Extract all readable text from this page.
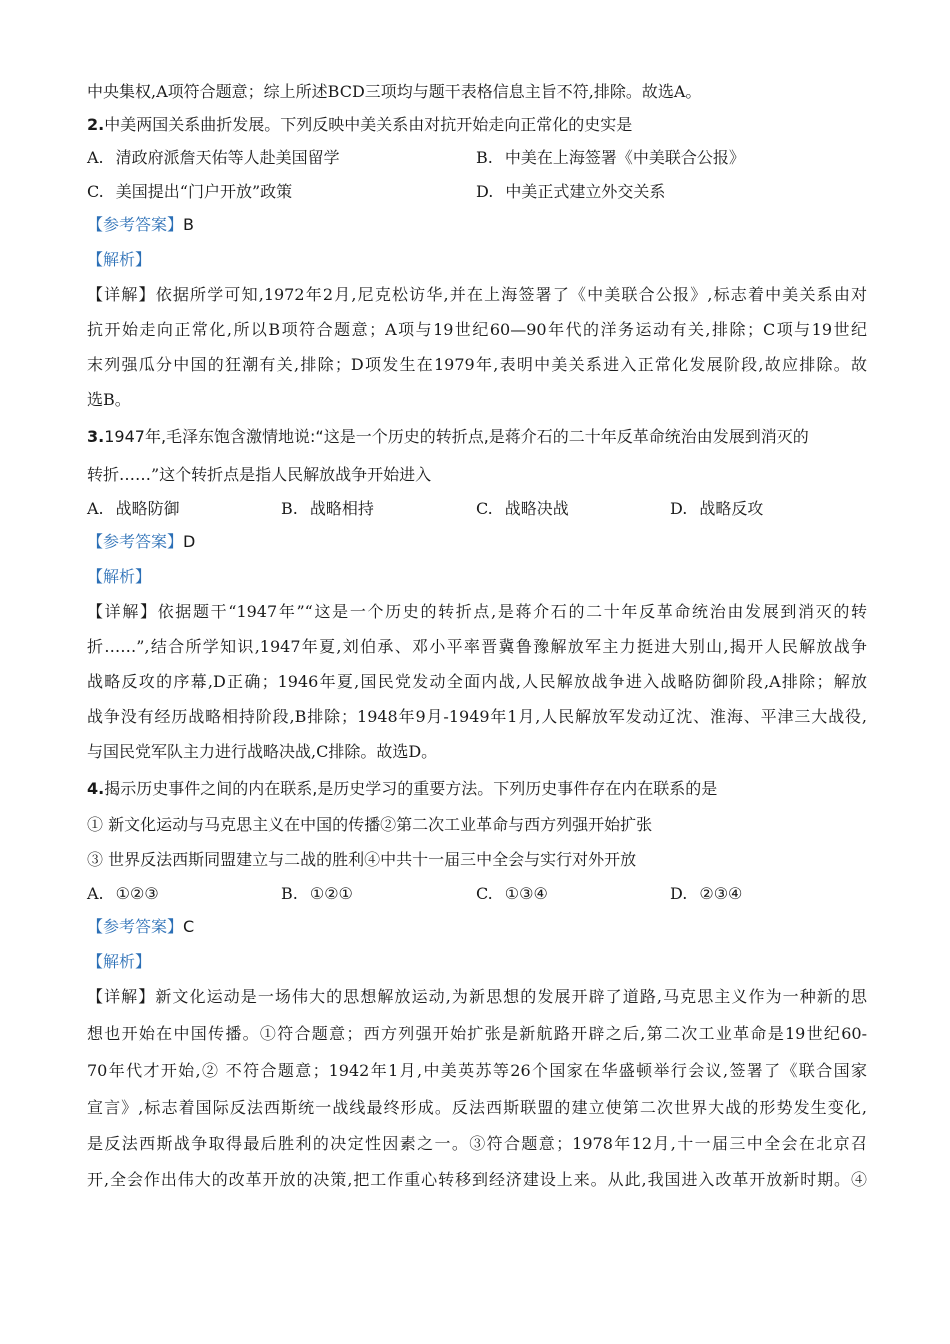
中央集权,A项符合题意；综上所述BCD三项均与题干表格信息主旨不符,排除。故选A。
2.中美两国关系曲折发展。下列反映中美关系由对抗开始走向正常化的史实是
A. 清政府派詹天佑等人赴美国留学	B. 中美在上海签署《中美联合公报》
C. 美国提出“门户开放”政策	D. 中美正式建立外交关系
【参考答案】B
【解析】
【详解】依据所学可知,1972年2月,尼克松访华,并在上海签署了《中美联合公报》,标志着中美关系由对
抗开始走向正常化,所以B项符合题意；A项与19世纪60—90年代的洋务运动有关,排除；C项与19世纪
末列强瓜分中国的狂潮有关,排除；D项发生在1979年,表明中美关系进入正常化发展阶段,故应排除。故
选B。
3.1947年,毛泽东饱含激情地说:“这是一个历史的转折点,是蒋介石的二十年反革命统治由发展到消灭的
转折……”这个转折点是指人民解放战争开始进入
A. 战略防御	B. 战略相持	C. 战略决战	D. 战略反攻
【参考答案】D
【解析】
【详解】依据题干“1947年”“这是一个历史的转折点,是蒋介石的二十年反革命统治由发展到消灭的转
折……”,结合所学知识,1947年夏,刘伯承、邓小平率晋冀鲁豫解放军主力挺进大别山,揭开人民解放战争
战略反攻的序幕,D正确；1946年夏,国民党发动全面内战,人民解放战争进入战略防御阶段,A排除；解放
战争没有经历战略相持阶段,B排除；1948年9月-1949年1月,人民解放军发动辽沈、淮海、平津三大战役,
与国民党军队主力进行战略决战,C排除。故选D。
4.揭示历史事件之间的内在联系,是历史学习的重要方法。下列历史事件存在内在联系的是
① 新文化运动与马克思主义在中国的传播②第二次工业革命与西方列强开始扩张
③ 世界反法西斯同盟建立与二战的胜利④中共十一届三中全会与实行对外开放
A. ①②③	B. ①②①	C. ①③④	D. ②③④
【参考答案】C
【解析】
【详解】新文化运动是一场伟大的思想解放运动,为新思想的发展开辟了道路,马克思主义作为一种新的思
想也开始在中国传播。①符合题意；西方列强开始扩张是新航路开辟之后,第二次工业革命是19世纪60-
70年代才开始,② 不符合题意；1942年1月,中美英苏等26个国家在华盛顿举行会议,签署了《联合国家
宣言》,标志着国际反法西斯统一战线最终形成。反法西斯联盟的建立使第二次世界大战的形势发生变化,
是反法西斯战争取得最后胜利的决定性因素之一。③符合题意；1978年12月,十一届三中全会在北京召
开,全会作出伟大的改革开放的决策,把工作重心转移到经济建设上来。从此,我国进入改革开放新时期。④
